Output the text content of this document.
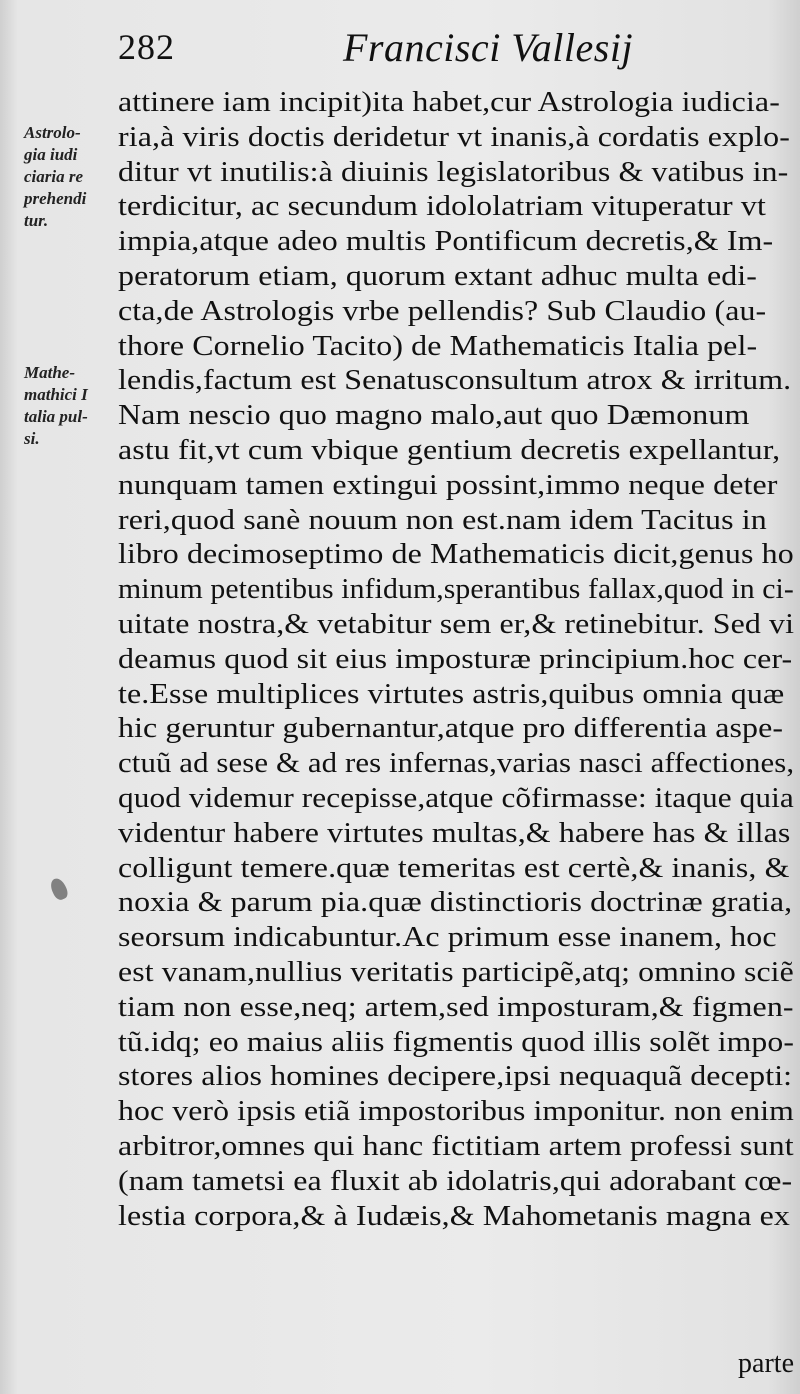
282	Francisci Vallesij
Astrolo-
gia iudi
ciaria re
prehendi
tur.
Mathe-
mathici I
talia pul-
si.
attinere iam incipit)ita habet,cur Astrologia iudicia-
ria,à viris doctis deridetur vt inanis,à cordatis explo-
ditur vt inutilis:à diuinis legislatoribus & vatibus in-
terdicitur, ac secundum idololatriam vituperatur vt
impia,atque adeo multis Pontificum decretis,& Im-
peratorum etiam, quorum extant adhuc multa edi-
cta,de Astrologis vrbe pellendis? Sub Claudio (au-
thore Cornelio Tacito) de Mathematicis Italia pel-
lendis,factum est Senatusconsultum atrox & irritum.
Nam nescio quo magno malo,aut quo Dæmonum
astu fit,vt cum vbique gentium decretis expellantur,
nunquam tamen extingui possint,immo neque deter
reri,quod sanè nouum non est.nam idem Tacitus in
libro decimoseptimo de Mathematicis dicit,genus ho
minum petentibus infidum,sperantibus fallax,quod in ci-
uitate nostra,& vetabitur sem er,& retinebitur. Sed vi
deamus quod sit eius imposturæ principium.hoc cer-
te.Esse multiplices virtutes astris,quibus omnia quæ
hic geruntur gubernantur,atque pro differentia aspe-
ctuũ ad sese & ad res infernas,varias nasci affectiones,
quod videmur recepisse,atque cõfirmasse: itaque quia
videntur habere virtutes multas,& habere has & illas
colligunt temere.quæ temeritas est certè,& inanis, &
noxia & parum pia.quæ distinctioris doctrinæ gratia,
seorsum indicabuntur.Ac primum esse inanem, hoc
est vanam,nullius veritatis participẽ,atq; omnino sciẽ
tiam non esse,neq; artem,sed imposturam,& figmen-
tũ.idq; eo maius aliis figmentis quod illis solẽt impo-
stores alios homines decipere,ipsi nequaquã decepti:
hoc verò ipsis etiã impostoribus imponitur. non enim
arbitror,omnes qui hanc fictitiam artem professi sunt
(nam tametsi ea fluxit ab idolatris,qui adorabant cœ-
lestia corpora,& à Iudæis,& Mahometanis magna ex
parte
